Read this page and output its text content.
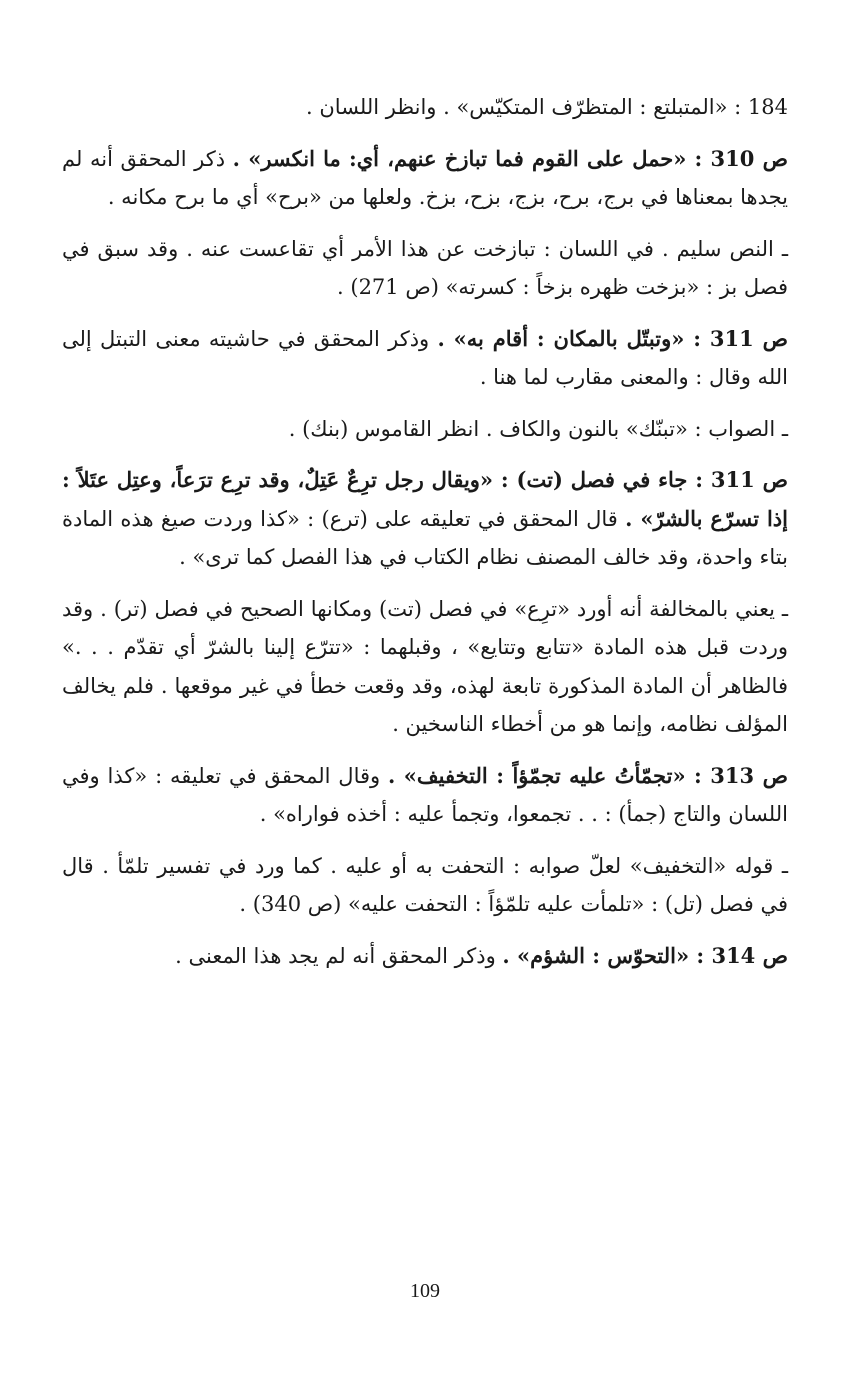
184 : «المتبلتع : المتظرّف المتكيّس» . وانظر اللسان .

ص 310 : «حمل على القوم فما تبازخ عنهم، أي: ما انكسر» . ذكر المحقق أنه لم يجدها بمعناها في برج، برح، بزج، بزح، بزخ. ولعلها من «برح» أي ما برح مكانه .

ـ النص سليم . في اللسان : تبازخت عن هذا الأمر أي تقاعست عنه . وقد سبق في فصل بز : «بزخت ظهره بزخاً : كسرته» (ص 271) .

ص 311 : «وتبتّل بالمكان : أقام به» . وذكر المحقق في حاشيته معنى التبتل إلى الله وقال : والمعنى مقارب لما هنا .

ـ الصواب : «تبنّك» بالنون والكاف . انظر القاموس (بنك) .

ص 311 : جاء في فصل (تت) : «ويقال رجل ترِعٌ عَتِلٌ، وقد ترِع ترَعاً، وعتِل عتَلاً : إذا تسرّع بالشرّ» . قال المحقق في تعليقه على (ترع) : «كذا وردت صيغ هذه المادة بتاء واحدة، وقد خالف المصنف نظام الكتاب في هذا الفصل كما ترى» .

ـ يعني بالمخالفة أنه أورد «ترِع» في فصل (تت) ومكانها الصحيح في فصل (تر) . وقد وردت قبل هذه المادة «تتابع وتتايع» ، وقبلهما : «تترّع إلينا بالشرّ أي تقدّم . . .» فالظاهر أن المادة المذكورة تابعة لهذه، وقد وقعت خطأ في غير موقعها . فلم يخالف المؤلف نظامه، وإنما هو من أخطاء الناسخين .

ص 313 : «تجمّأتُ عليه تجمّؤاً : التخفيف» . وقال المحقق في تعليقه : «كذا وفي اللسان والتاج (جمأ) : . . تجمعوا، وتجمأ عليه : أخذه فواراه» .

ـ قوله «التخفيف» لعلّ صوابه : التحفت به أو عليه . كما ورد في تفسير تلمّأ . قال في فصل (تل) : «تلمأت عليه تلمّؤاً : التحفت عليه» (ص 340) .

ص 314 : «التحوّس : الشؤم» . وذكر المحقق أنه لم يجد هذا المعنى .

109
